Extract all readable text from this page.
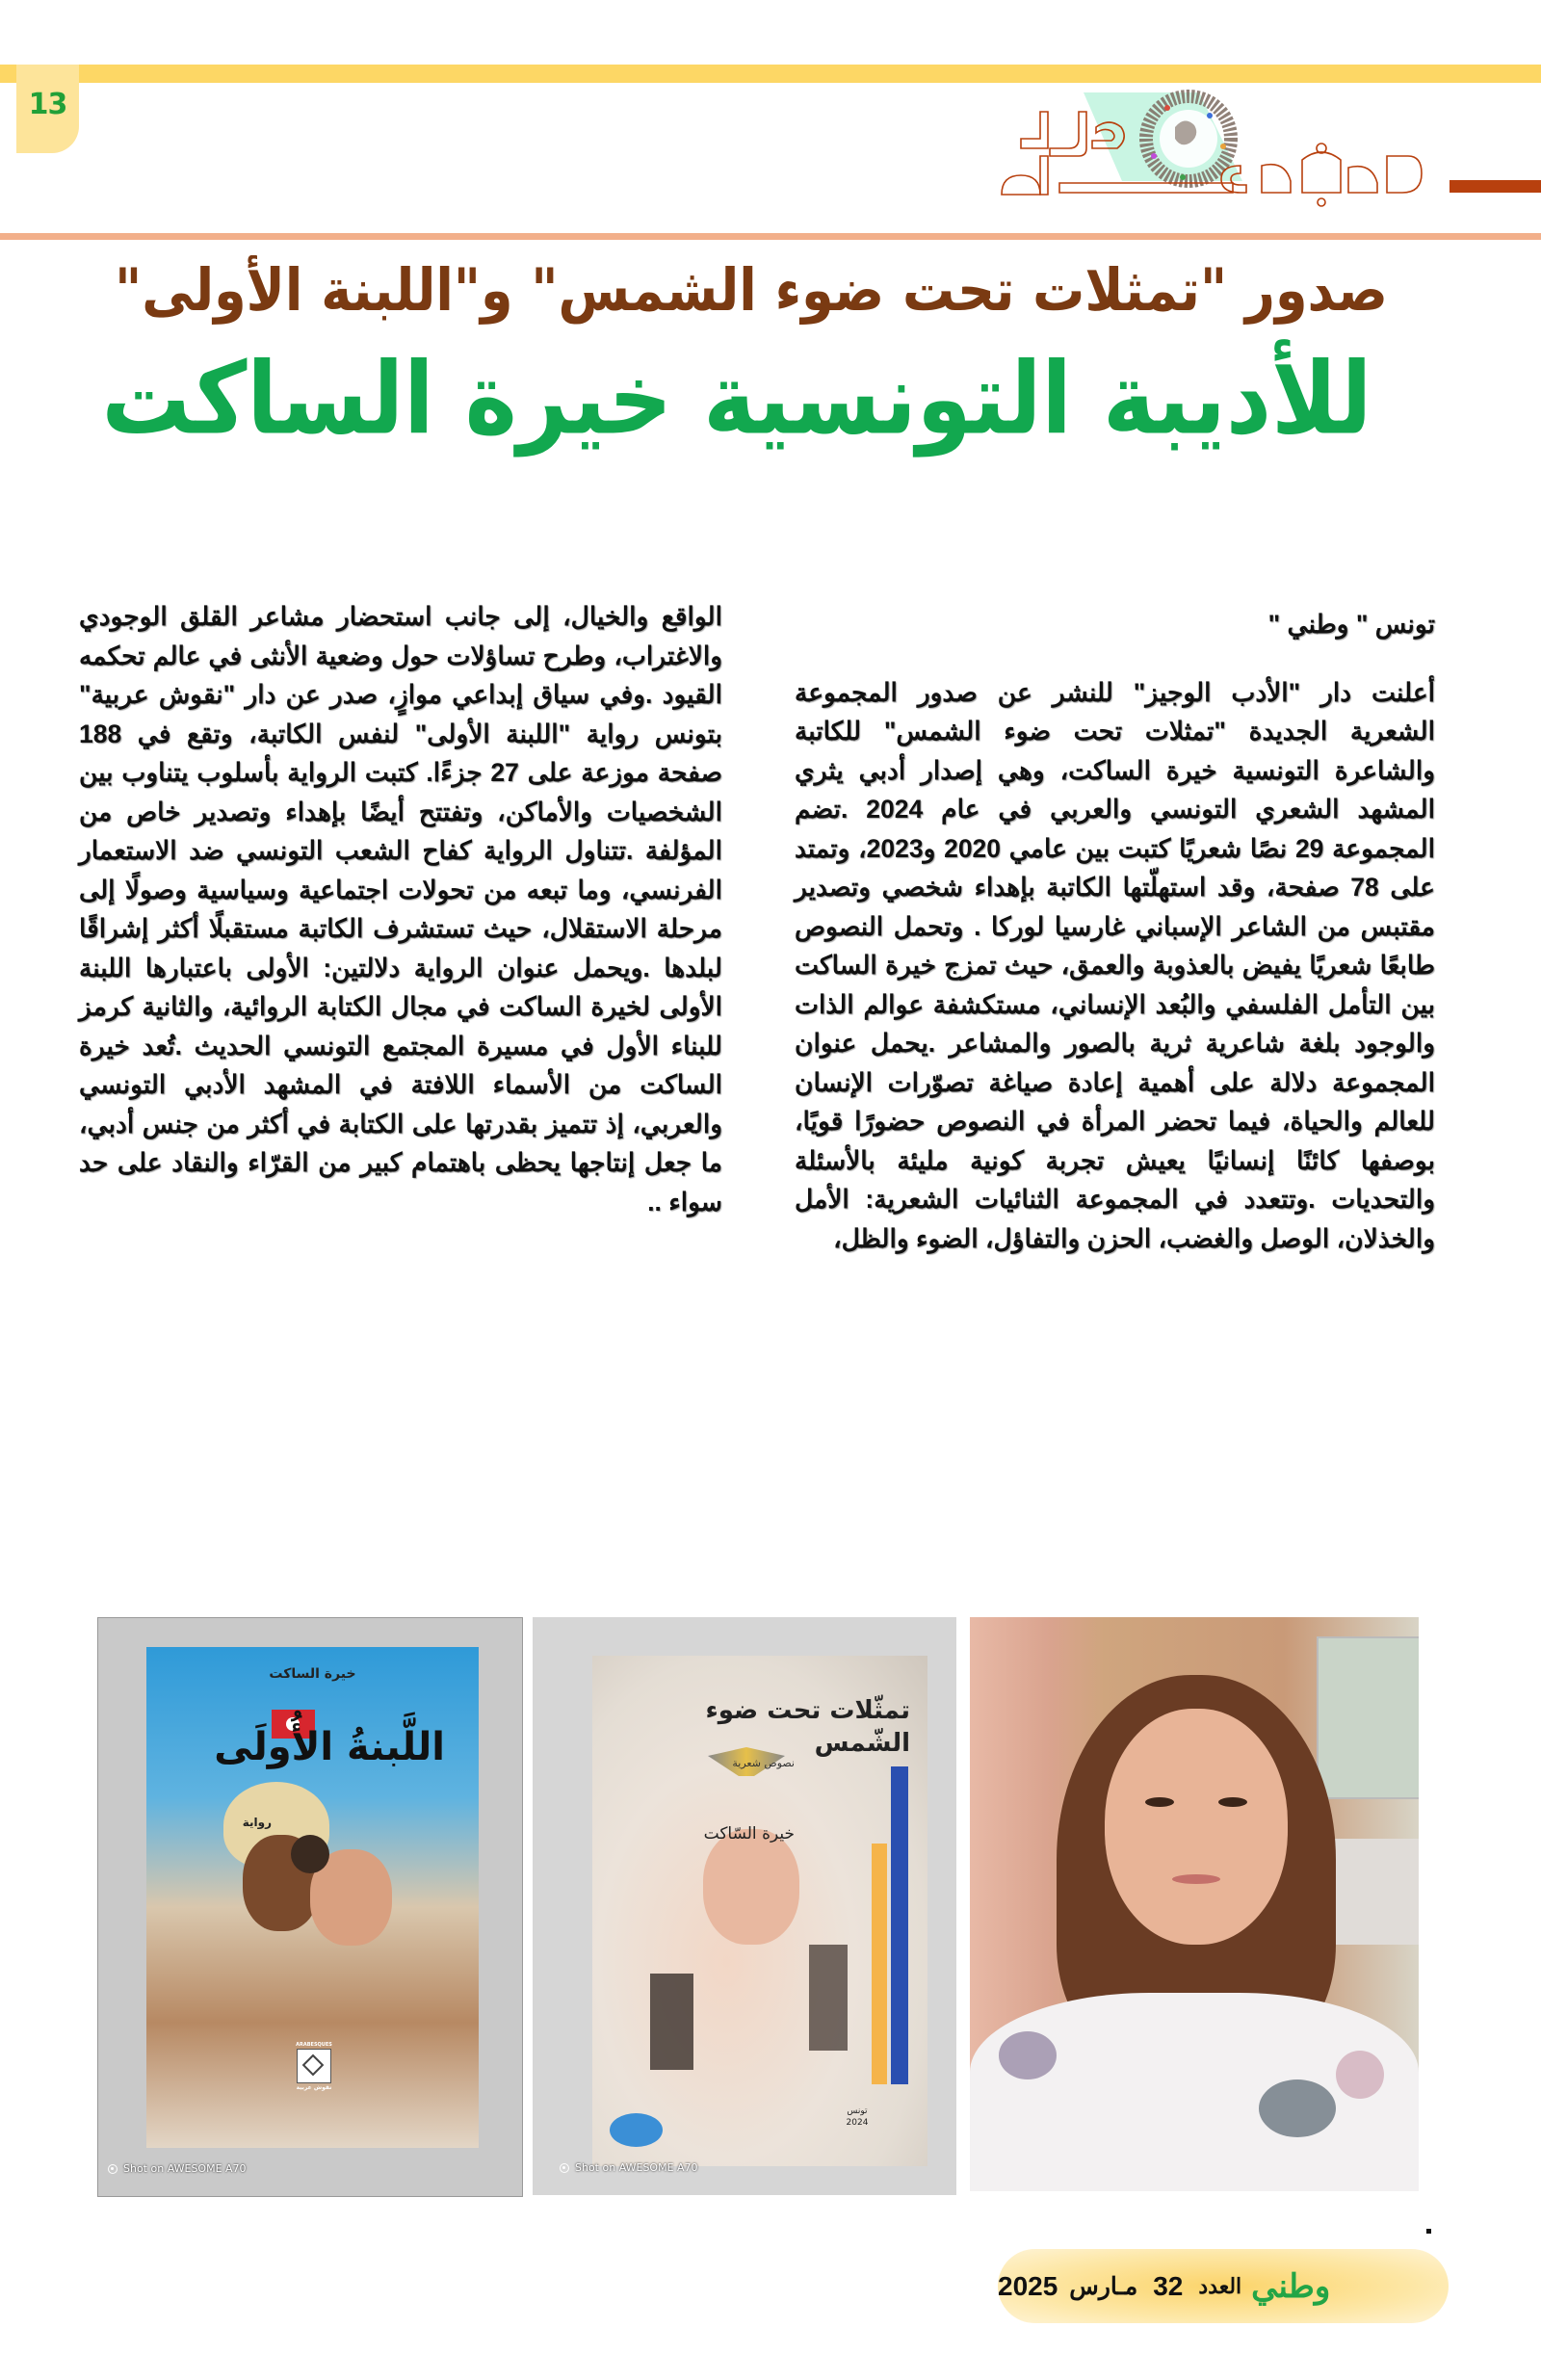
13
صدور "تمثلات تحت ضوء الشمس" و"اللبنة الأولى"
للأديبة التونسية خيرة الساكت

تونس " وطني "

أعلنت دار "الأدب الوجيز" للنشر عن صدور المجموعة الشعرية الجديدة "تمثلات تحت ضوء الشمس" للكاتبة والشاعرة التونسية خيرة الساكت، وهي إصدار أدبي يثري المشهد الشعري التونسي والعربي في عام 2024 .تضم المجموعة 29 نصًا شعريًا كتبت بين عامي 2020 و2023، وتمتد على 78 صفحة، وقد استهلّتها الكاتبة بإهداء شخصي وتصدير مقتبس من الشاعر الإسباني غارسيا لوركا . وتحمل النصوص طابعًا شعريًا يفيض بالعذوبة والعمق، حيث تمزج خيرة الساكت بين التأمل الفلسفي والبُعد الإنساني، مستكشفة عوالم الذات والوجود بلغة شاعرية ثرية بالصور والمشاعر .يحمل عنوان المجموعة دلالة على أهمية إعادة صياغة تصوّرات الإنسان للعالم والحياة، فيما تحضر المرأة في النصوص حضورًا قويًا، بوصفها كائنًا إنسانيًا يعيش تجربة كونية مليئة بالأسئلة والتحديات .وتتعدد في المجموعة الثنائيات الشعرية: الأمل والخذلان، الوصل والغضب، الحزن والتفاؤل، الضوء والظل،

الواقع والخيال، إلى جانب استحضار مشاعر القلق الوجودي والاغتراب، وطرح تساؤلات حول وضعية الأنثى في عالم تحكمه القيود .وفي سياق إبداعي موازٍ، صدر عن دار "نقوش عربية" بتونس رواية "اللبنة الأولى" لنفس الكاتبة، وتقع في 188 صفحة موزعة على 27 جزءًا. كتبت الرواية بأسلوب يتناوب بين الشخصيات والأماكن، وتفتتح أيضًا بإهداء وتصدير خاص من المؤلفة .تتناول الرواية كفاح الشعب التونسي ضد الاستعمار الفرنسي، وما تبعه من تحولات اجتماعية وسياسية وصولًا إلى مرحلة الاستقلال، حيث تستشرف الكاتبة مستقبلًا أكثر إشراقًا لبلدها .ويحمل عنوان الرواية دلالتين: الأولى باعتبارها اللبنة الأولى لخيرة الساكت في مجال الكتابة الروائية، والثانية كرمز للبناء الأول في مسيرة المجتمع التونسي الحديث .تُعد خيرة الساكت من الأسماء اللافتة في المشهد الأدبي التونسي والعربي، إذ تتميز بقدرتها على الكتابة في أكثر من جنس أدبي، ما جعل إنتاجها يحظى باهتمام كبير من القرّاء والنقاد على حد سواء ..

خيرة الساكت
اللَّبنةُ الأُولَى
رواية
ARABESQUES
نقوش عربية
Shot on AWESOME A70
تمثّلات تحت ضوء الشّمس
نصوص شعرية
خيرة السّاكت
تونس
2024
Shot on AWESOME A70
وطني
العدد
32
مـارس
2025
